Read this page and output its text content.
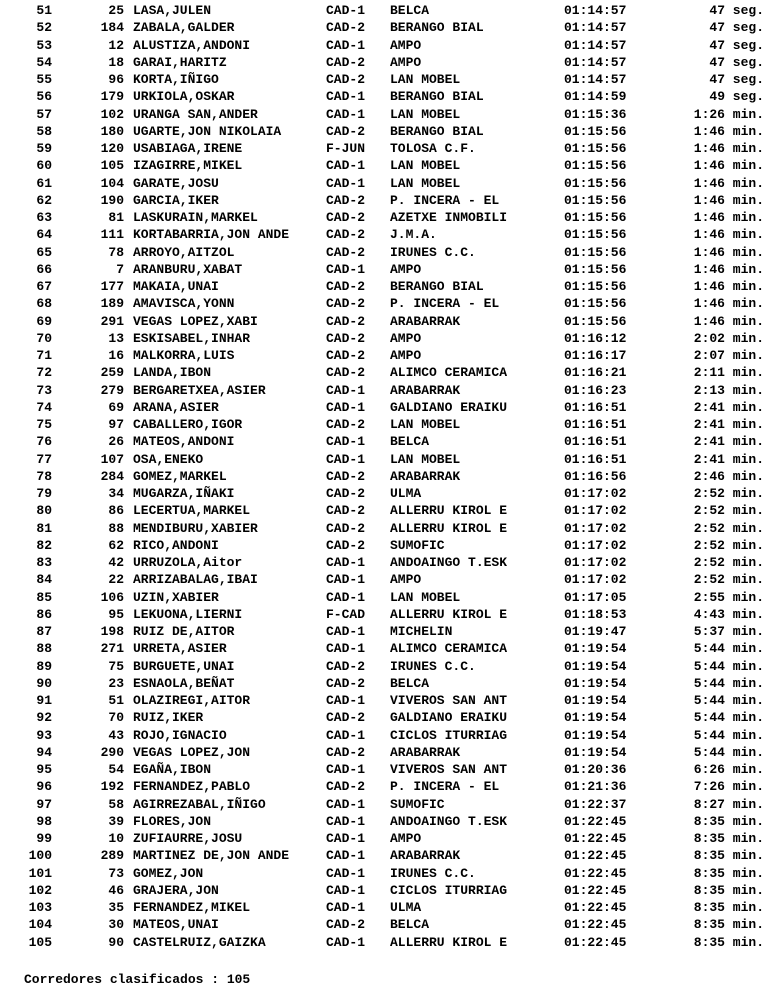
51	25 LASA,JULEN	CAD-1 BELCA	01:14:57	47 seg.
52	184 ZABALA,GALDER	CAD-2 BERANGO BIAL	01:14:57	47 seg.
53	12 ALUSTIZA,ANDONI	CAD-1 AMPO	01:14:57	47 seg.
54	18 GARAI,HARITZ	CAD-2 AMPO	01:14:57	47 seg.
55	96 KORTA,IÑIGO	CAD-2 LAN MOBEL	01:14:57	47 seg.
56	179 URKIOLA,OSKAR	CAD-1 BERANGO BIAL	01:14:59	49 seg.
57	102 URANGA SAN,ANDER	CAD-1 LAN MOBEL	01:15:36	1:26 min.
58	180 UGARTE,JON NIKOLAIA	CAD-2 BERANGO BIAL	01:15:56	1:46 min.
59	120 USABIAGA,IRENE	F-JUN TOLOSA C.F.	01:15:56	1:46 min.
60	105 IZAGIRRE,MIKEL	CAD-1 LAN MOBEL	01:15:56	1:46 min.
61	104 GARATE,JOSU	CAD-1 LAN MOBEL	01:15:56	1:46 min.
62	190 GARCIA,IKER	CAD-2 P. INCERA - EL	01:15:56	1:46 min.
63	81 LASKURAIN,MARKEL	CAD-2 AZETXE INMOBILI	01:15:56	1:46 min.
64	111 KORTABARRIA,JON ANDE	CAD-2 J.M.A.	01:15:56	1:46 min.
65	78 ARROYO,AITZOL	CAD-2 IRUNES C.C.	01:15:56	1:46 min.
66	7 ARANBURU,XABAT	CAD-1 AMPO	01:15:56	1:46 min.
67	177 MAKAIA,UNAI	CAD-2 BERANGO BIAL	01:15:56	1:46 min.
68	189 AMAVISCA,YONN	CAD-2 P. INCERA - EL	01:15:56	1:46 min.
69	291 VEGAS LOPEZ,XABI	CAD-2 ARABARRAK	01:15:56	1:46 min.
70	13 ESKISABEL,INHAR	CAD-2 AMPO	01:16:12	2:02 min.
71	16 MALKORRA,LUIS	CAD-2 AMPO	01:16:17	2:07 min.
72	259 LANDA,IBON	CAD-2 ALIMCO CERAMICA	01:16:21	2:11 min.
73	279 BERGARETXEA,ASIER	CAD-1 ARABARRAK	01:16:23	2:13 min.
74	69 ARANA,ASIER	CAD-1 GALDIANO ERAIKU	01:16:51	2:41 min.
75	97 CABALLERO,IGOR	CAD-2 LAN MOBEL	01:16:51	2:41 min.
76	26 MATEOS,ANDONI	CAD-1 BELCA	01:16:51	2:41 min.
77	107 OSA,ENEKO	CAD-1 LAN MOBEL	01:16:51	2:41 min.
78	284 GOMEZ,MARKEL	CAD-2 ARABARRAK	01:16:56	2:46 min.
79	34 MUGARZA,IÑAKI	CAD-2 ULMA	01:17:02	2:52 min.
80	86 LECERTUA,MARKEL	CAD-2 ALLERRU KIROL E	01:17:02	2:52 min.
81	88 MENDIBURU,XABIER	CAD-2 ALLERRU KIROL E	01:17:02	2:52 min.
82	62 RICO,ANDONI	CAD-2 SUMOFIC	01:17:02	2:52 min.
83	42 URRUZOLA,Aitor	CAD-1 ANDOAINGO T.ESK	01:17:02	2:52 min.
84	22 ARRIZABALAG,IBAI	CAD-1 AMPO	01:17:02	2:52 min.
85	106 UZIN,XABIER	CAD-1 LAN MOBEL	01:17:05	2:55 min.
86	95 LEKUONA,LIERNI	F-CAD ALLERRU KIROL E	01:18:53	4:43 min.
87	198 RUIZ DE,AITOR	CAD-1 MICHELIN	01:19:47	5:37 min.
88	271 URRETA,ASIER	CAD-1 ALIMCO CERAMICA	01:19:54	5:44 min.
89	75 BURGUETE,UNAI	CAD-2 IRUNES C.C.	01:19:54	5:44 min.
90	23 ESNAOLA,BEÑAT	CAD-2 BELCA	01:19:54	5:44 min.
91	51 OLAZIREGI,AITOR	CAD-1 VIVEROS SAN ANT	01:19:54	5:44 min.
92	70 RUIZ,IKER	CAD-2 GALDIANO ERAIKU	01:19:54	5:44 min.
93	43 ROJO,IGNACIO	CAD-1 CICLOS ITURRIAG	01:19:54	5:44 min.
94	290 VEGAS LOPEZ,JON	CAD-2 ARABARRAK	01:19:54	5:44 min.
95	54 EGAÑA,IBON	CAD-1 VIVEROS SAN ANT	01:20:36	6:26 min.
96	192 FERNANDEZ,PABLO	CAD-2 P. INCERA - EL	01:21:36	7:26 min.
97	58 AGIRREZABAL,IÑIGO	CAD-1 SUMOFIC	01:22:37	8:27 min.
98	39 FLORES,JON	CAD-1 ANDOAINGO T.ESK	01:22:45	8:35 min.
99	10 ZUFIAURRE,JOSU	CAD-1 AMPO	01:22:45	8:35 min.
100	289 MARTINEZ DE,JON ANDE	CAD-1 ARABARRAK	01:22:45	8:35 min.
101	73 GOMEZ,JON	CAD-1 IRUNES C.C.	01:22:45	8:35 min.
102	46 GRAJERA,JON	CAD-1 CICLOS ITURRIAG	01:22:45	8:35 min.
103	35 FERNANDEZ,MIKEL	CAD-1 ULMA	01:22:45	8:35 min.
104	30 MATEOS,UNAI	CAD-2 BELCA	01:22:45	8:35 min.
105	90 CASTELRUIZ,GAIZKA	CAD-1 ALLERRU KIROL E	01:22:45	8:35 min.
Corredores clasificados : 105
